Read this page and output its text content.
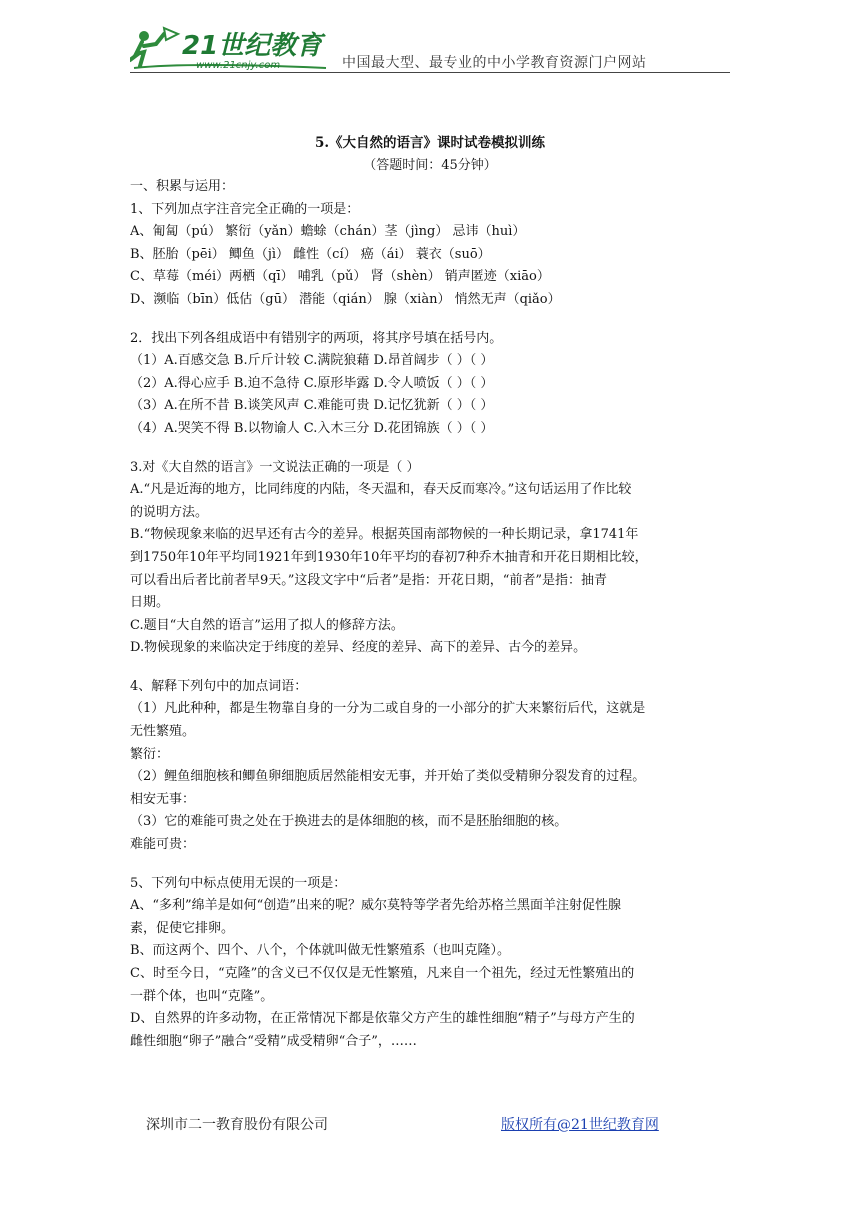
21世纪教育
www.21cnjy.com	中国最大型、最专业的中小学教育资源门户网站
5.《大自然的语言》课时试卷模拟训练
（答题时间：45分钟）
一、积累与运用：
1、下列加点字注音完全正确的一项是：
A、匍匐（pú） 繁衍（yǎn）蟾蜍（chán）茎（jìng） 忌讳（huì）
B、胚胎（pēi） 鲫鱼（jì） 雌性（cí） 癌（ái） 蓑衣（suō）
C、草莓（méi）两栖（qī） 哺乳（pǔ） 肾（shèn） 销声匿迹（xiāo）
D、濒临（bīn）低估（gū） 潜能（qián） 腺（xiàn） 悄然无声（qiǎo）
2．找出下列各组成语中有错别字的两项，将其序号填在括号内。
（1）A.百感交急 B.斤斤计较 C.满院狼藉 D.昂首阔步（ ）（ ）
（2）A.得心应手 B.迫不急待 C.原形毕露 D.令人喷饭（ ）（ ）
（3）A.在所不昔 B.谈笑风声 C.难能可贵 D.记忆犹新（ ）（ ）
（4）A.哭笑不得 B.以物谕人 C.入木三分 D.花团锦族（ ）（ ）
3.对《大自然的语言》一文说法正确的一项是（ ）
A.“凡是近海的地方，比同纬度的内陆，冬天温和，春天反而寒冷。”这句话运用了作比较
的说明方法。
B.“物候现象来临的迟早还有古今的差异。根据英国南部物候的一种长期记录，拿1741年
到1750年10年平均同1921年到1930年10年平均的春初7种乔木抽青和开花日期相比较，
可以看出后者比前者早9天。”这段文字中“后者”是指：开花日期，“前者”是指：抽青
日期。
C.题目“大自然的语言”运用了拟人的修辞方法。
D.物候现象的来临决定于纬度的差异、经度的差异、高下的差异、古今的差异。
4、解释下列句中的加点词语：
（1）凡此种种，都是生物靠自身的一分为二或自身的一小部分的扩大来繁衍后代，这就是
无性繁殖。
繁衍：
（2）鲤鱼细胞核和鲫鱼卵细胞质居然能相安无事，并开始了类似受精卵分裂发育的过程。
相安无事：
（3）它的难能可贵之处在于换进去的是体细胞的核，而不是胚胎细胞的核。
难能可贵：
5、下列句中标点使用无误的一项是：
A、“多利”绵羊是如何“创造”出来的呢？威尔莫特等学者先给苏格兰黑面羊注射促性腺
素，促使它排卵。
B、而这两个、四个、八个，个体就叫做无性繁殖系（也叫克隆）。
C、时至今日，“克隆”的含义已不仅仅是无性繁殖，凡来自一个祖先，经过无性繁殖出的
一群个体，也叫“克隆”。
D、自然界的许多动物，在正常情况下都是依靠父方产生的雄性细胞“精子”与母方产生的
雌性细胞“卵子”融合“受精”成受精卵“合子”，……
深圳市二一教育股份有限公司	版权所有@21世纪教育网
